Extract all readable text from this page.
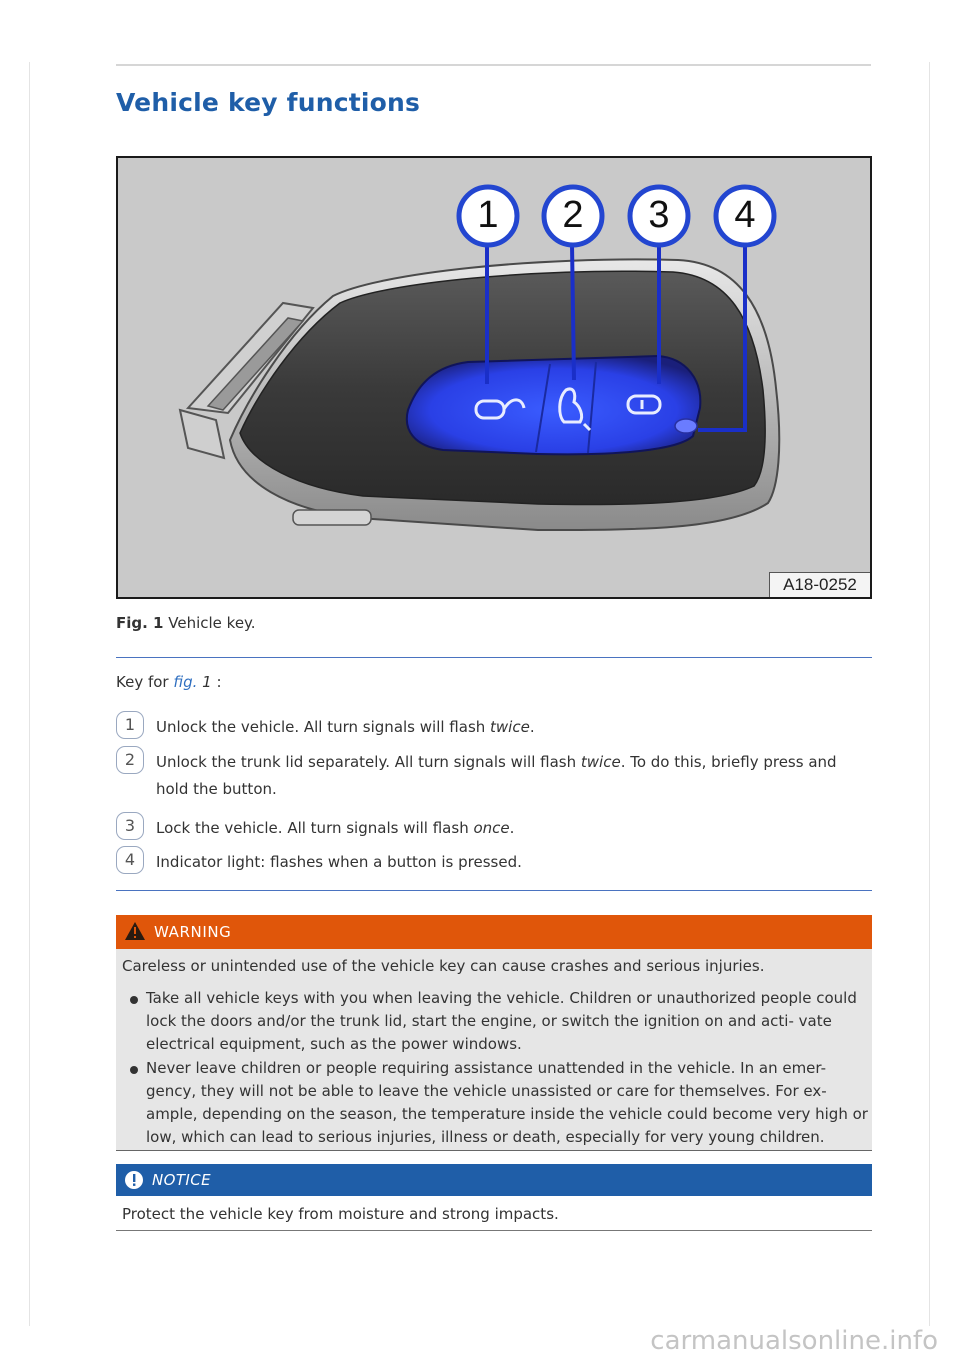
Vehicle key functions
1	2	3	4
A18-0252
Fig. 1 Vehicle key.
Key for fig. 1 :
1	Unlock the vehicle. All turn signals will flash twice.
2	Unlock the trunk lid separately. All turn signals will flash twice. To do this, briefly press and hold the button.
3	Lock the vehicle. All turn signals will flash once.
4	Indicator light: flashes when a button is pressed.
WARNING
Careless or unintended use of the vehicle key can cause crashes and serious injuries.
Take all vehicle keys with you when leaving the vehicle. Children or unauthorized people could lock the doors and/or the trunk lid, start the engine, or switch the ignition on and acti- vate electrical equipment, such as the power windows.
Never leave children or people requiring assistance unattended in the vehicle. In an emer- gency, they will not be able to leave the vehicle unassisted or care for themselves. For ex- ample, depending on the season, the temperature inside the vehicle could become very high or low, which can lead to serious injuries, illness or death, especially for very young children.
NOTICE
Protect the vehicle key from moisture and strong impacts.
carmanualsonline.info
